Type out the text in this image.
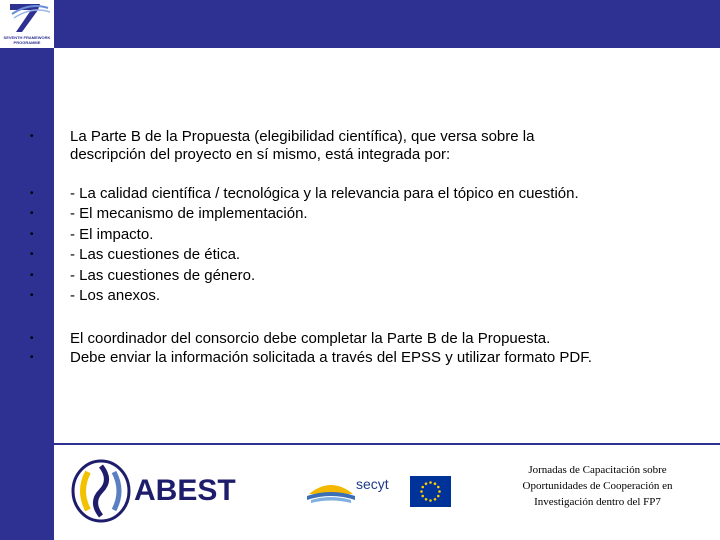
SEVENTH FRAMEWORK
PROGRAMME
• La Parte B de la Propuesta (elegibilidad científica), que versa sobre la
descripción del proyecto en sí mismo, está integrada por:
• - La calidad científica / tecnológica y la relevancia para el tópico en cuestión.
• - El mecanismo de implementación.
• - El impacto.
• - Las cuestiones de ética.
• - Las cuestiones de género.
• - Los anexos.
• El coordinador del consorcio debe completar la Parte B de la Propuesta.
• Debe enviar la información solicitada a través del EPSS y utilizar formato PDF.
ABEST	secyt
Jornadas de Capacitación sobre
Oportunidades de Cooperación en
Investigación dentro del FP7
